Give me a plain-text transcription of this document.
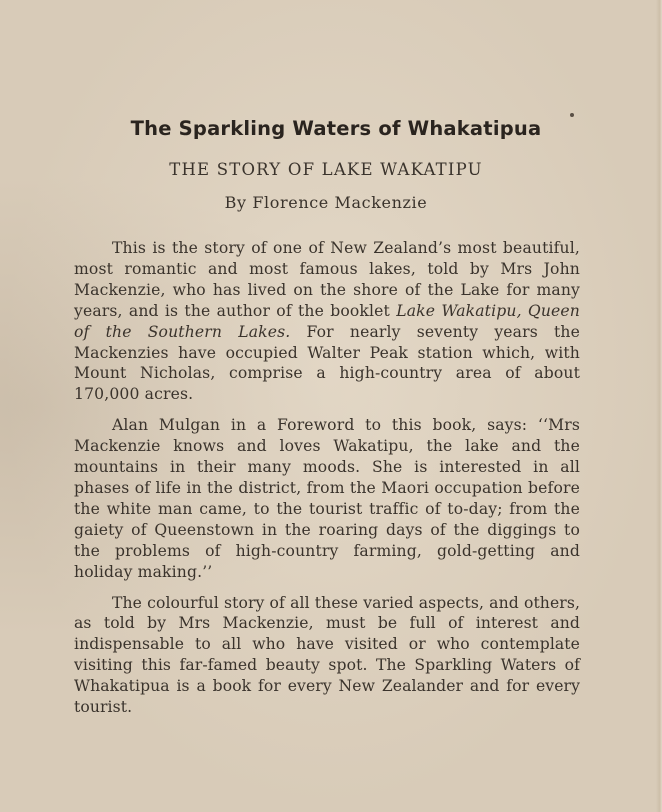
The Sparkling Waters of Whakatipua
THE STORY OF LAKE WAKATIPU
By Florence Mackenzie

This is the story of one of New Zealand’s most beautiful, most romantic and most famous lakes, told by Mrs John Mackenzie, who has lived on the shore of the Lake for many years, and is the author of the booklet Lake Wakatipu, Queen of the Southern Lakes. For nearly seventy years the Mackenzies have occupied Walter Peak station which, with Mount Nicholas, comprise a high-country area of about 170,000 acres.

Alan Mulgan in a Foreword to this book, says: ‘‘Mrs Mackenzie knows and loves Wakatipu, the lake and the mountains in their many moods. She is interested in all phases of life in the district, from the Maori occupation before the white man came, to the tourist traffic of to-day; from the gaiety of Queenstown in the roaring days of the diggings to the problems of high-country farming, gold-getting and holiday making.’’

The colourful story of all these varied aspects, and others, as told by Mrs Mackenzie, must be full of interest and indispensable to all who have visited or who contemplate visiting this far-famed beauty spot. The Sparkling Waters of Whakatipua is a book for every New Zealander and for every tourist.
